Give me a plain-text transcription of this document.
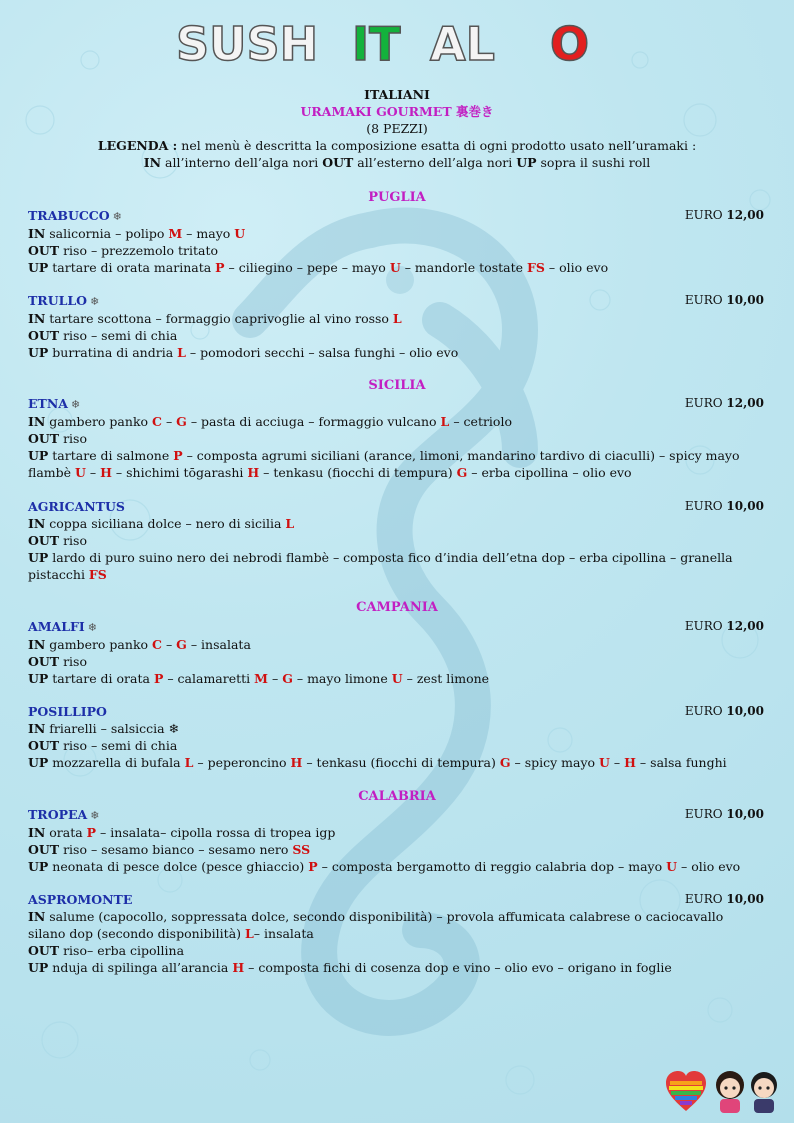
SUSH IT AL O
ITALIANI
URAMAKI GOURMET 裏巻き
(8 PEZZI)
LEGENDA : nel menù è descritta la composizione esatta di ogni prodotto usato nell’uramaki :
IN all’interno dell’alga nori OUT all’esterno dell’alga nori UP sopra il sushi roll
PUGLIA
SICILIA
CAMPANIA
CALABRIA
TRABUCCO ❄	EURO 12,00
IN salicornia – polipo M – mayo U
OUT riso – prezzemolo tritato
UP tartare di orata marinata P – ciliegino – pepe – mayo U – mandorle tostate FS – olio evo
TRULLO ❄	EURO 10,00
IN tartare scottona – formaggio caprivoglie al vino rosso L
OUT riso – semi di chia
UP burratina di andria L – pomodori secchi – salsa funghi – olio evo
ETNA ❄	EURO 12,00
IN gambero panko C – G – pasta di acciuga – formaggio vulcano L – cetriolo
OUT riso
UP tartare di salmone P – composta agrumi siciliani (arance, limoni, mandarino tardivo di ciaculli) – spicy mayo
flambè U – H – shichimi tōgarashi H – tenkasu (fiocchi di tempura) G – erba cipollina – olio evo
AGRICANTUS	EURO 10,00
IN coppa siciliana dolce – nero di sicilia L
OUT riso
UP lardo di puro suino nero dei nebrodi flambè – composta fico d’india dell’etna dop – erba cipollina – granella
pistacchi FS
AMALFI ❄	EURO 12,00
IN gambero panko C – G – insalata
OUT riso
UP tartare di orata P – calamaretti M – G – mayo limone U – zest limone
POSILLIPO	EURO 10,00
IN friarelli – salsiccia ❄
OUT riso – semi di chia
UP mozzarella di bufala L – peperoncino H – tenkasu (fiocchi di tempura) G – spicy mayo U – H – salsa funghi
TROPEA ❄	EURO 10,00
IN orata P – insalata– cipolla rossa di tropea igp
OUT riso – sesamo bianco – sesamo nero SS
UP neonata di pesce dolce (pesce ghiaccio) P – composta bergamotto di reggio calabria dop – mayo U – olio evo
ASPROMONTE	EURO 10,00
IN salume (capocollo, soppressata dolce, secondo disponibilità) – provola affumicata calabrese o caciocavallo
silano dop (secondo disponibilità) L– insalata
OUT riso– erba cipollina
UP nduja di spilinga all’arancia H – composta fichi di cosenza dop e vino – olio evo – origano in foglie
